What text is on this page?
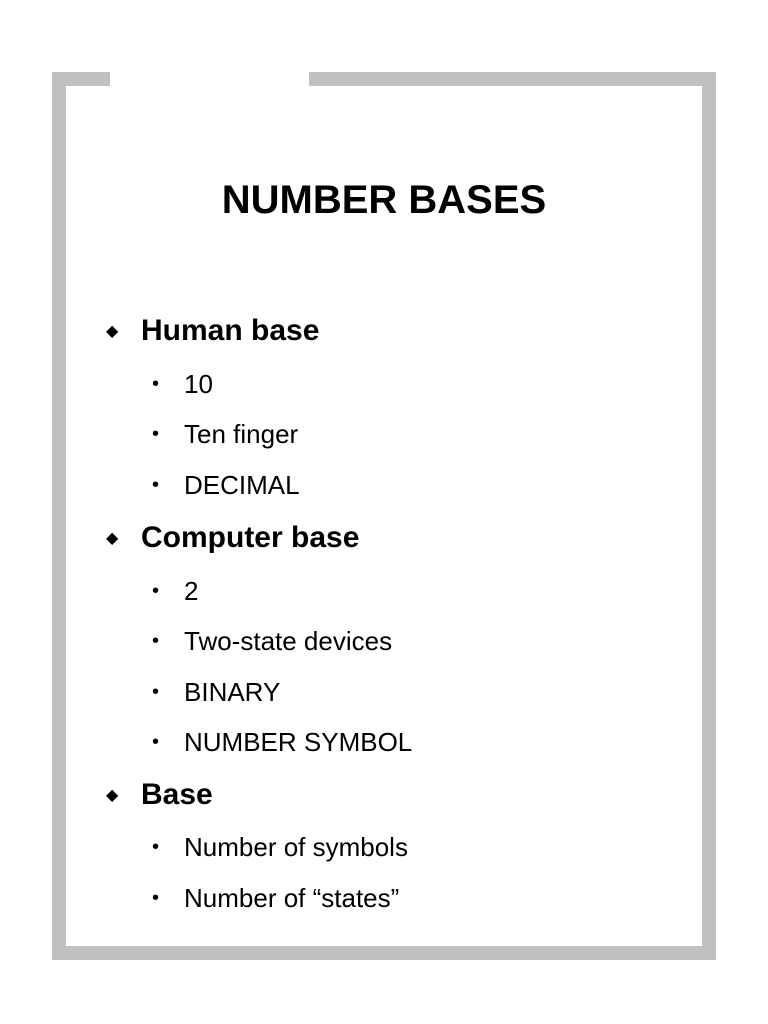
NUMBER BASES
◆ Human base
• 10
• Ten finger
• DECIMAL
◆ Computer base
• 2
• Two-state devices
• BINARY
• NUMBER SYMBOL
◆ Base
• Number of symbols
• Number of “states”
